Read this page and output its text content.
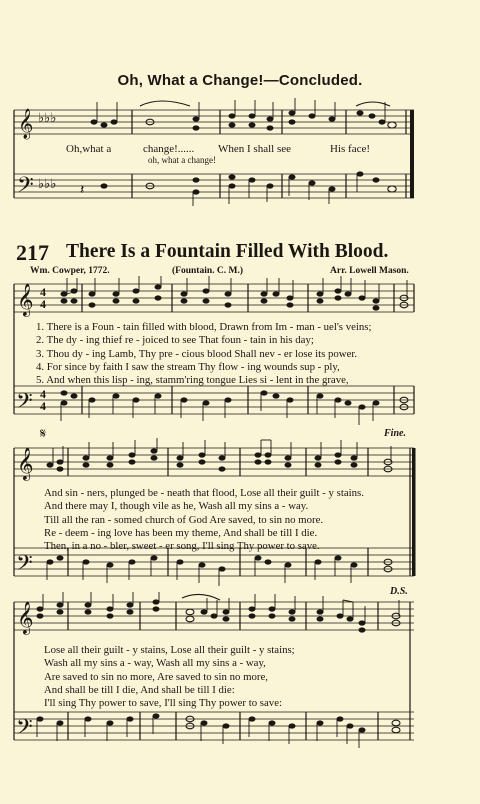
Oh, What a Change!—Concluded.
𝄞
𝄢
♭♭♭
♭♭♭ 𝄽
Oh,what a	change!...... When I shall see	His face!
oh, what a change!
217 There Is a Fountain Filled With Blood.
Wm. Cowper, 1772.	(Fountain. C. M.)	Arr. Lowell Mason.
𝄞
𝄢
4
4
4
4
1. There is a Foun - tain filled with blood, Drawn from Im - man - uel's veins;
2. The dy - ing thief re - joiced to see That foun - tain in his day;
3. Thou dy - ing Lamb, Thy pre - cious blood Shall nev - er lose its power.
4. For since by faith I saw the stream Thy flow - ing wounds sup - ply,
5. And when this lisp - ing, stamm'ring tongue Lies si - lent in the grave,
Fine.
𝄋
𝄞
𝄢
And sin - ners, plunged be - neath that flood, Lose all their guilt - y stains.
And there may I, though vile as he, Wash all my sins a - way.
Till all the ran - somed church of God Are saved, to sin no more.
Re - deem - ing love has been my theme, And shall be till I die.
Then, in a no - bler, sweet - er song, I'll sing Thy power to save.
D.S.
𝄞
𝄢
Lose all their guilt - y stains, Lose all their guilt - y stains;
Wash all my sins a - way, Wash all my sins a - way,
Are saved to sin no more, Are saved to sin no more,
And shall be till I die, And shall be till I die:
I'll sing Thy power to save, I'll sing Thy power to save:
